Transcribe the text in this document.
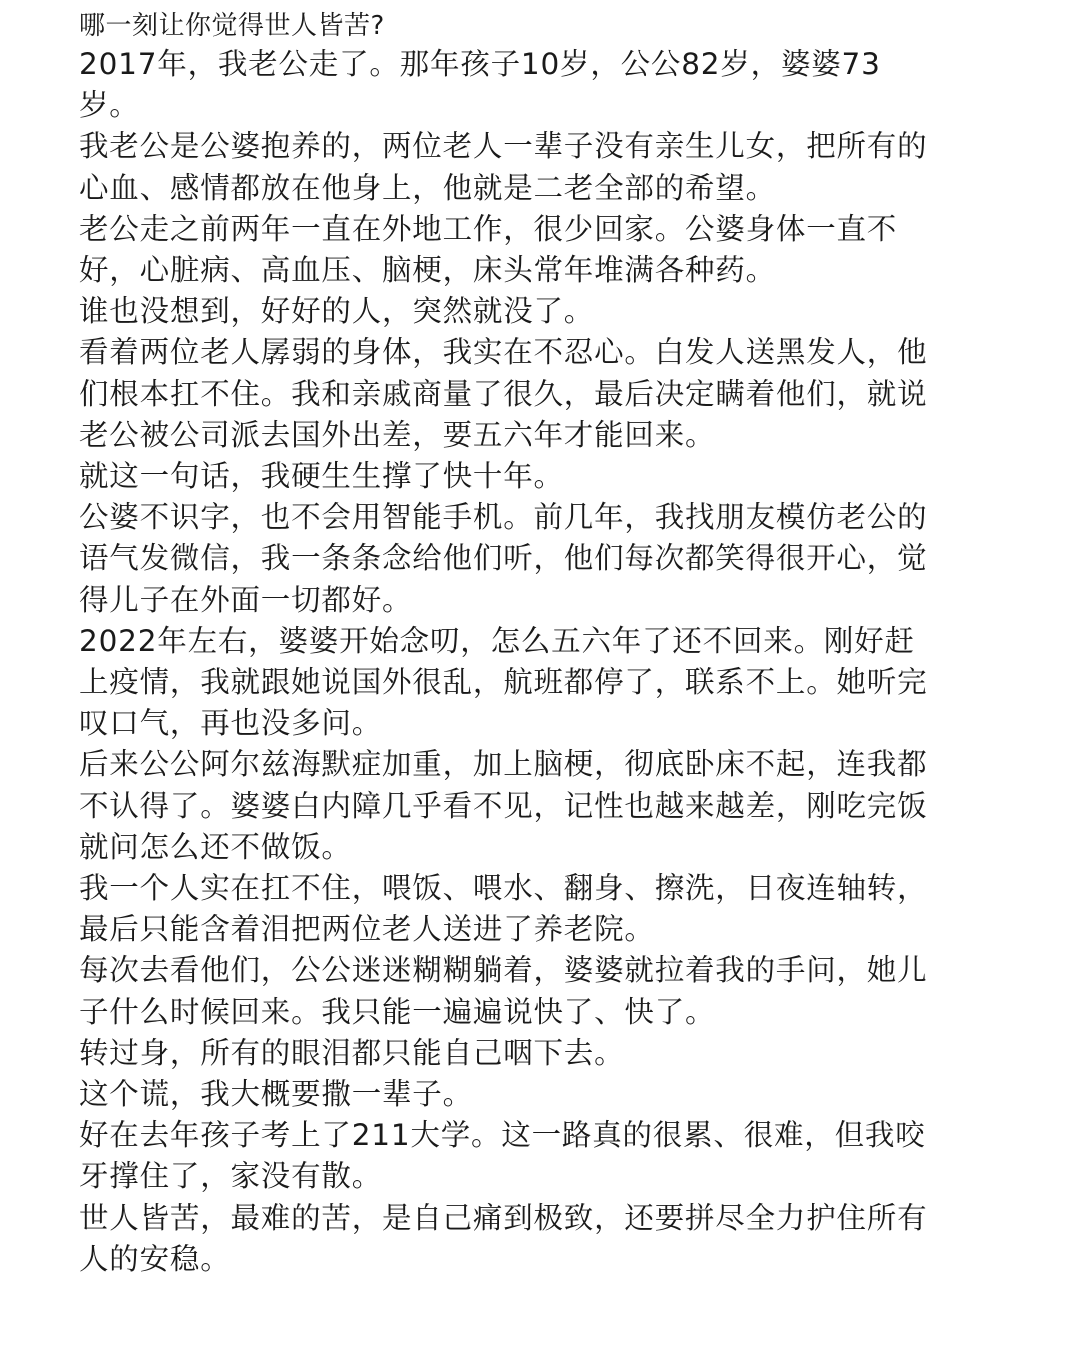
哪一刻让你觉得世人皆苦?

2017年，我老公走了。那年孩子10岁，公公82岁，婆婆73岁。

我老公是公婆抱养的，两位老人一辈子没有亲生儿女，把所有的心血、感情都放在他身上，他就是二老全部的希望。

老公走之前两年一直在外地工作，很少回家。公婆身体一直不好，心脏病、高血压、脑梗，床头常年堆满各种药。

谁也没想到，好好的人，突然就没了。

看着两位老人孱弱的身体，我实在不忍心。白发人送黑发人，他们根本扛不住。我和亲戚商量了很久，最后决定瞒着他们，就说老公被公司派去国外出差，要五六年才能回来。

就这一句话，我硬生生撑了快十年。

公婆不识字，也不会用智能手机。前几年，我找朋友模仿老公的语气发微信，我一条条念给他们听，他们每次都笑得很开心，觉得儿子在外面一切都好。

2022年左右，婆婆开始念叨，怎么五六年了还不回来。刚好赶上疫情，我就跟她说国外很乱，航班都停了，联系不上。她听完叹口气，再也没多问。

后来公公阿尔兹海默症加重，加上脑梗，彻底卧床不起，连我都不认得了。婆婆白内障几乎看不见，记性也越来越差，刚吃完饭就问怎么还不做饭。

我一个人实在扛不住，喂饭、喂水、翻身、擦洗，日夜连轴转，最后只能含着泪把两位老人送进了养老院。

每次去看他们，公公迷迷糊糊躺着，婆婆就拉着我的手问，她儿子什么时候回来。我只能一遍遍说快了、快了。

转过身，所有的眼泪都只能自己咽下去。

这个谎，我大概要撒一辈子。

好在去年孩子考上了211大学。这一路真的很累、很难，但我咬牙撑住了，家没有散。

世人皆苦，最难的苦，是自己痛到极致，还要拼尽全力护住所有人的安稳。
